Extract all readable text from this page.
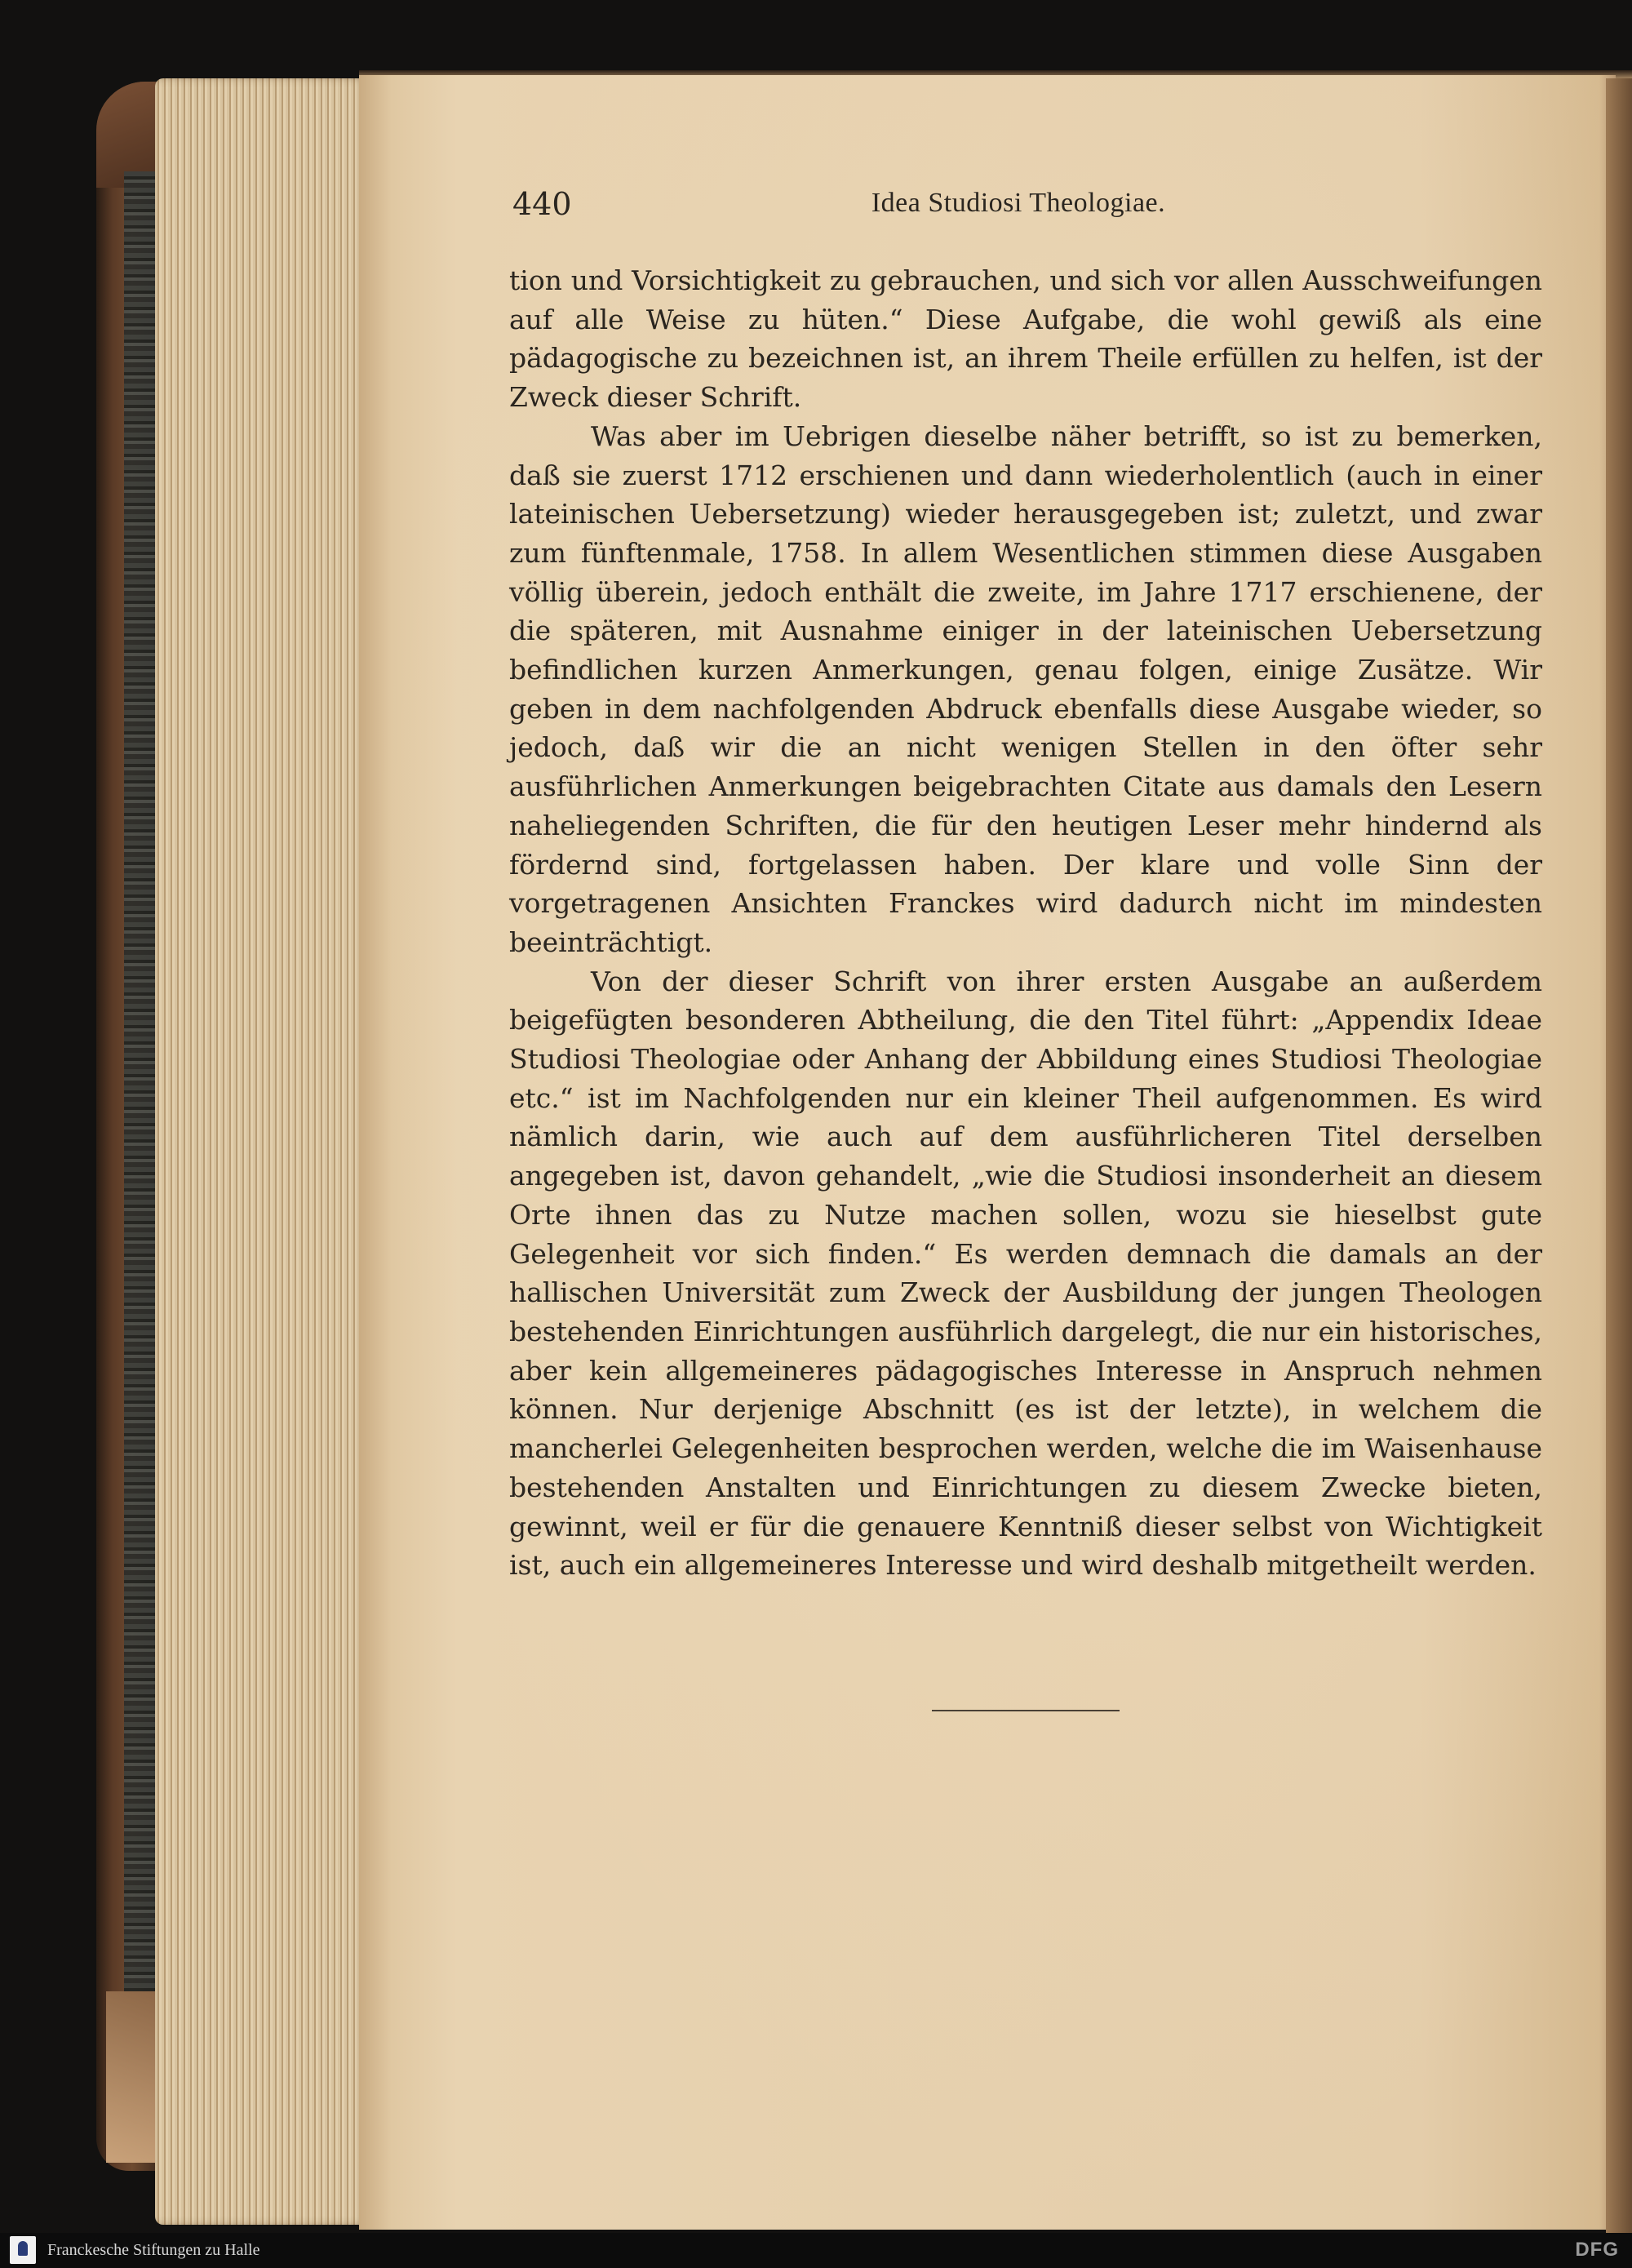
440	Idea Studiosi Theologiae.

tion und Vorsichtigkeit zu gebrauchen, und sich vor allen Ausschweifungen auf alle Weise zu hüten.“ Diese Aufgabe, die wohl gewiß als eine pädagogische zu bezeichnen ist, an ihrem Theile erfüllen zu helfen, ist der Zweck dieser Schrift.

Was aber im Uebrigen dieselbe näher betrifft, so ist zu bemerken, daß sie zuerst 1712 erschienen und dann wiederholentlich (auch in einer lateinischen Uebersetzung) wieder herausgegeben ist; zuletzt, und zwar zum fünftenmale, 1758. In allem Wesentlichen stimmen diese Ausgaben völlig überein, jedoch enthält die zweite, im Jahre 1717 erschienene, der die späteren, mit Ausnahme einiger in der lateinischen Uebersetzung befindlichen kurzen Anmerkungen, genau folgen, einige Zusätze. Wir geben in dem nachfolgenden Abdruck ebenfalls diese Ausgabe wieder, so jedoch, daß wir die an nicht wenigen Stellen in den öfter sehr ausführlichen Anmerkungen beigebrachten Citate aus damals den Lesern naheliegenden Schriften, die für den heutigen Leser mehr hindernd als fördernd sind, fortgelassen haben. Der klare und volle Sinn der vorgetragenen Ansichten Franckes wird dadurch nicht im mindesten beeinträchtigt.

Von der dieser Schrift von ihrer ersten Ausgabe an außerdem beigefügten besonderen Abtheilung, die den Titel führt: „Appendix Ideae Studiosi Theologiae oder Anhang der Abbildung eines Studiosi Theologiae etc.“ ist im Nachfolgenden nur ein kleiner Theil aufgenommen. Es wird nämlich darin, wie auch auf dem ausführlicheren Titel derselben angegeben ist, davon gehandelt, „wie die Studiosi insonderheit an diesem Orte ihnen das zu Nutze machen sollen, wozu sie hieselbst gute Gelegenheit vor sich finden.“ Es werden demnach die damals an der hallischen Universität zum Zweck der Ausbildung der jungen Theologen bestehenden Einrichtungen ausführlich dargelegt, die nur ein historisches, aber kein allgemeineres pädagogisches Interesse in Anspruch nehmen können. Nur derjenige Abschnitt (es ist der letzte), in welchem die mancherlei Gelegenheiten besprochen werden, welche die im Waisenhause bestehenden Anstalten und Einrichtungen zu diesem Zwecke bieten, gewinnt, weil er für die genauere Kenntniß dieser selbst von Wichtigkeit ist, auch ein allgemeineres Interesse und wird deshalb mitgetheilt werden.

Franckesche Stiftungen zu Halle	DFG
